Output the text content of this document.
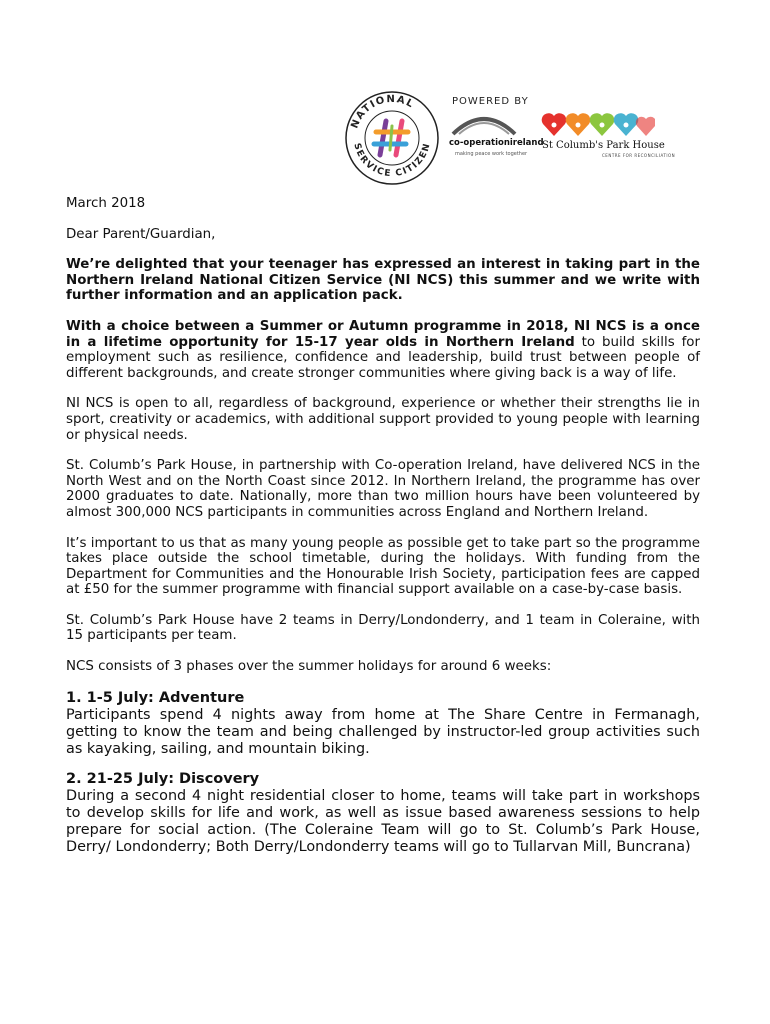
NATIONAL
SERVICE CITIZEN
POWERED BY
co-operationireland
making peace work together
St Columb's Park House
CENTRE FOR RECONCILIATION

March 2018

Dear Parent/Guardian,

We’re delighted that your teenager has expressed an interest in taking part in the Northern Ireland National Citizen Service (NI NCS) this summer and we write with further information and an application pack.

With a choice between a Summer or Autumn programme in 2018, NI NCS is a once in a lifetime opportunity for 15-17 year olds in Northern Ireland to build skills for employment such as resilience, confidence and leadership, build trust between people of different backgrounds, and create stronger communities where giving back is a way of life.

NI NCS is open to all, regardless of background, experience or whether their strengths lie in sport, creativity or academics, with additional support provided to young people with learning or physical needs.

St. Columb’s Park House, in partnership with Co-operation Ireland, have delivered NCS in the North West and on the North Coast since 2012. In Northern Ireland, the programme has over 2000 graduates to date. Nationally, more than two million hours have been volunteered by almost 300,000 NCS participants in communities across England and Northern Ireland.

It’s important to us that as many young people as possible get to take part so the programme takes place outside the school timetable, during the holidays. With funding from the Department for Communities and the Honourable Irish Society, participation fees are capped at £50 for the summer programme with financial support available on a case-by-case basis.

St. Columb’s Park House have 2 teams in Derry/Londonderry, and 1 team in Coleraine, with 15 participants per team.

NCS consists of 3 phases over the summer holidays for around 6 weeks:

1. 1-5 July: Adventure

Participants spend 4 nights away from home at The Share Centre in Fermanagh, getting to know the team and being challenged by instructor-led group activities such as kayaking, sailing, and mountain biking.

2. 21-25 July: Discovery

During a second 4 night residential closer to home, teams will take part in workshops to develop skills for life and work, as well as issue based awareness sessions to help prepare for social action. (The Coleraine Team will go to St. Columb’s Park House, Derry/ Londonderry; Both Derry/Londonderry teams will go to Tullarvan Mill, Buncrana)
